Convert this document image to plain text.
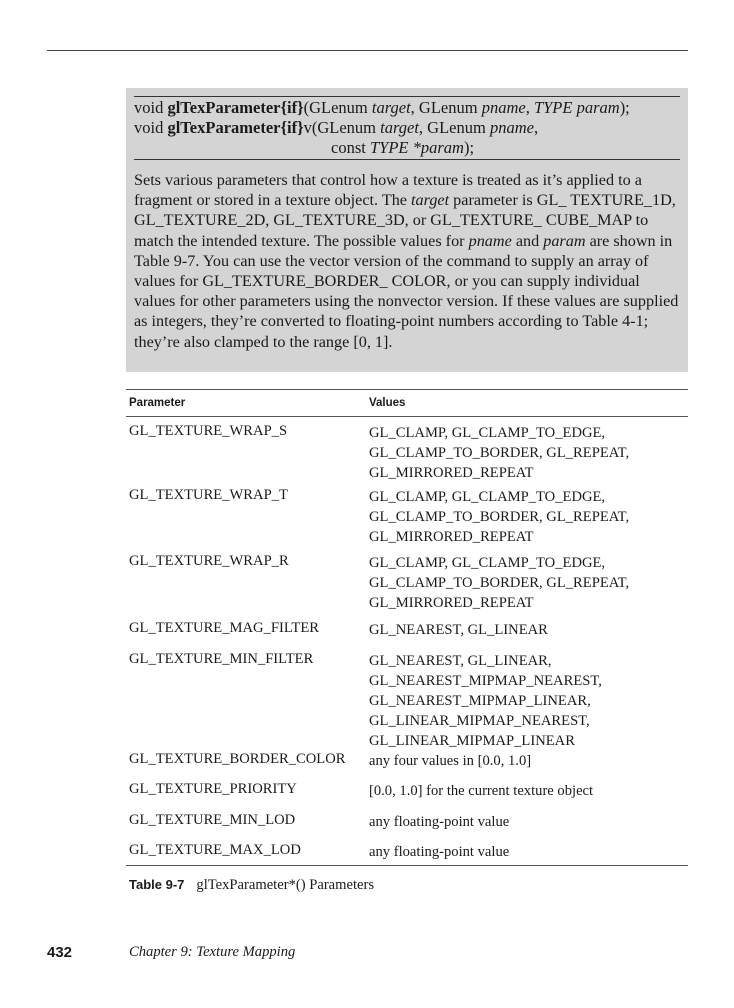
void glTexParameter{if}(GLenum target, GLenum pname, TYPE param);
void glTexParameter{if}v(GLenum target, GLenum pname,
const TYPE *param);
Sets various parameters that control how a texture is treated as it’s applied to a fragment or stored in a texture object. The target parameter is GL_ TEXTURE_1D, GL_TEXTURE_2D, GL_TEXTURE_3D, or GL_TEXTURE_ CUBE_MAP to match the intended texture. The possible values for pname and param are shown in Table 9-7. You can use the vector version of the command to supply an array of values for GL_TEXTURE_BORDER_ COLOR, or you can supply individual values for other parameters using the nonvector version. If these values are supplied as integers, they’re converted to floating-point numbers according to Table 4-1; they’re also clamped to the range [0, 1].
Parameter	Values
GL_TEXTURE_WRAP_S	GL_CLAMP, GL_CLAMP_TO_EDGE,
GL_CLAMP_TO_BORDER, GL_REPEAT,
GL_MIRRORED_REPEAT
GL_TEXTURE_WRAP_T	GL_CLAMP, GL_CLAMP_TO_EDGE,
GL_CLAMP_TO_BORDER, GL_REPEAT,
GL_MIRRORED_REPEAT
GL_TEXTURE_WRAP_R	GL_CLAMP, GL_CLAMP_TO_EDGE,
GL_CLAMP_TO_BORDER, GL_REPEAT,
GL_MIRRORED_REPEAT
GL_TEXTURE_MAG_FILTER	GL_NEAREST, GL_LINEAR
GL_TEXTURE_MIN_FILTER	GL_NEAREST, GL_LINEAR,
GL_NEAREST_MIPMAP_NEAREST,
GL_NEAREST_MIPMAP_LINEAR,
GL_LINEAR_MIPMAP_NEAREST,
GL_LINEAR_MIPMAP_LINEAR
GL_TEXTURE_BORDER_COLOR any four values in [0.0, 1.0]
GL_TEXTURE_PRIORITY	[0.0, 1.0] for the current texture object
GL_TEXTURE_MIN_LOD	any floating-point value
GL_TEXTURE_MAX_LOD	any floating-point value
Table 9-7 glTexParameter*() Parameters
432	Chapter 9: Texture Mapping
